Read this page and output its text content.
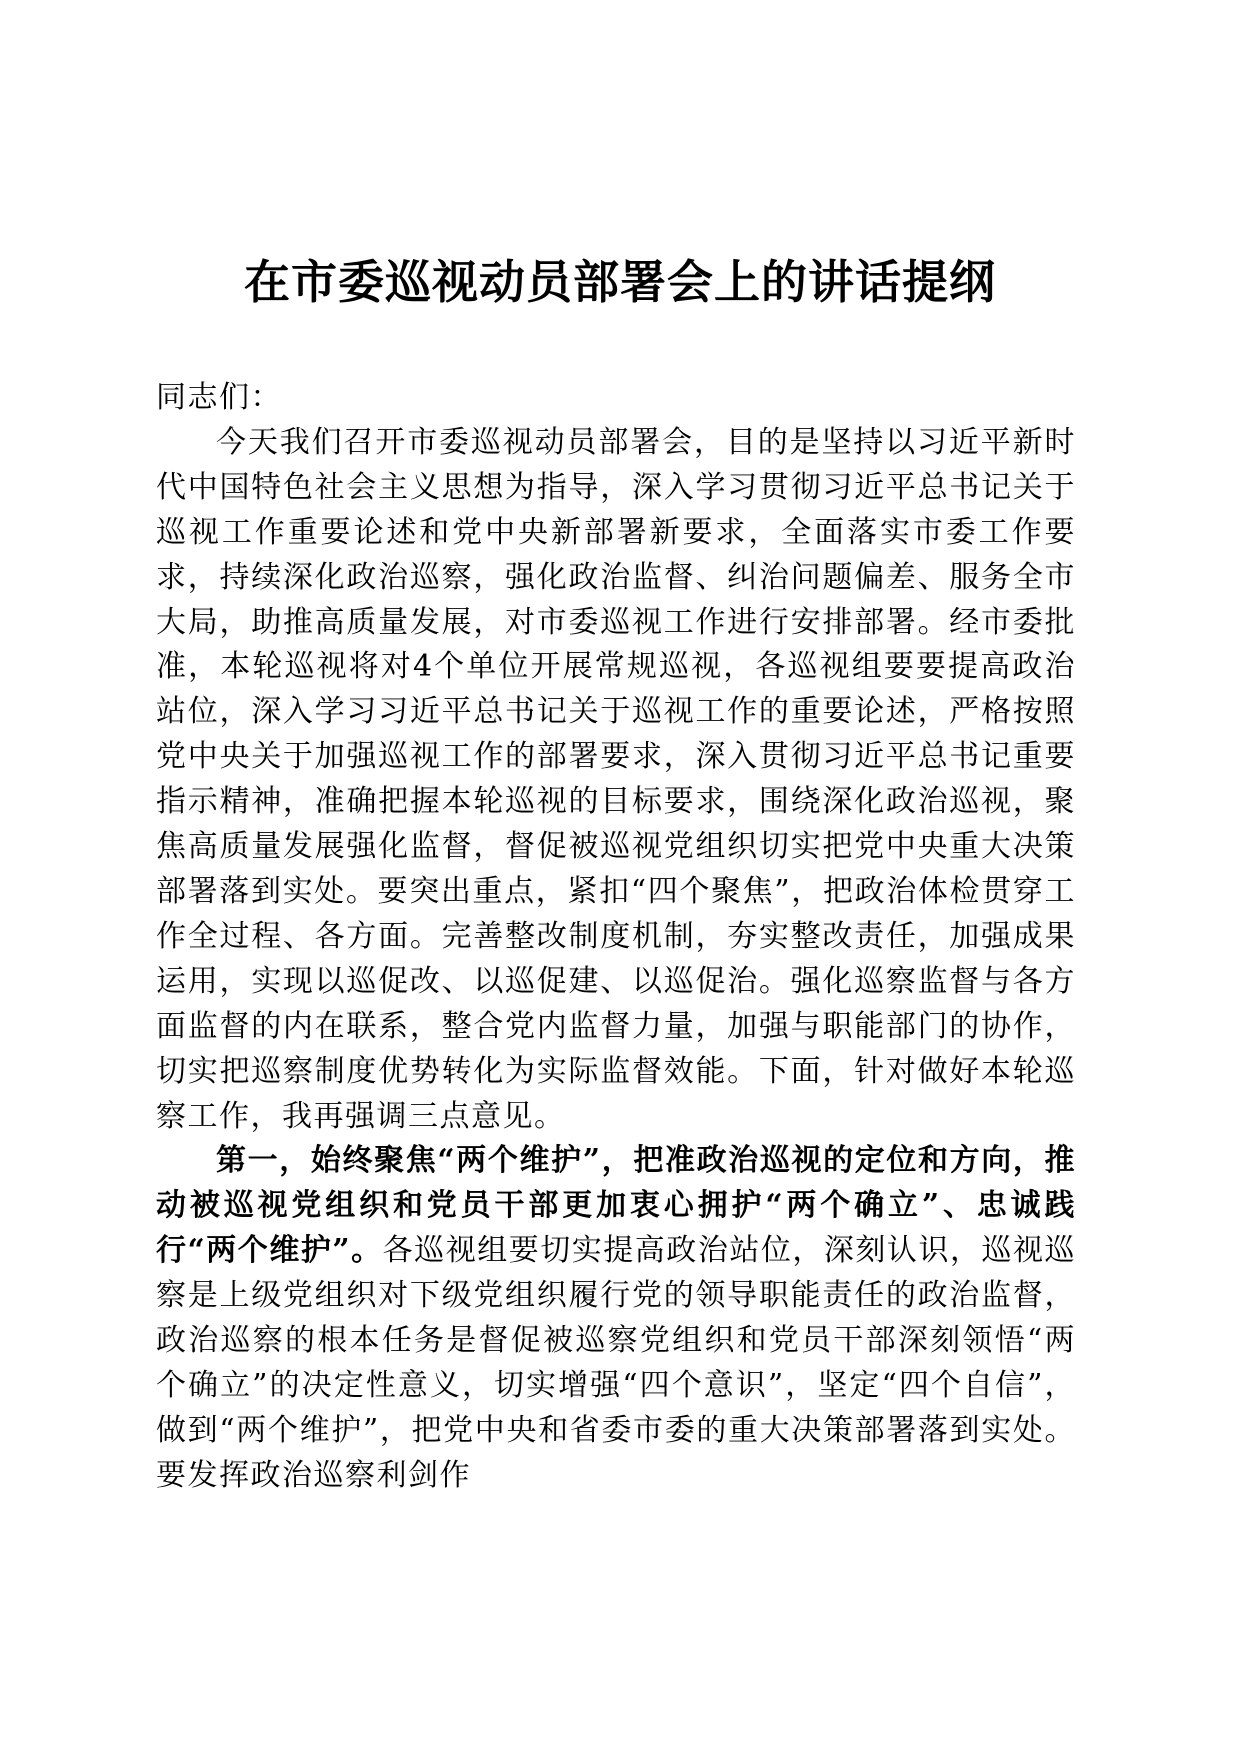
在市委巡视动员部署会上的讲话提纲

同志们：

今天我们召开市委巡视动员部署会，目的是坚持以习近平新时代中国特色社会主义思想为指导，深入学习贯彻习近平总书记关于巡视工作重要论述和党中央新部署新要求，全面落实市委工作要求，持续深化政治巡察，强化政治监督、纠治问题偏差、服务全市大局，助推高质量发展，对市委巡视工作进行安排部署。经市委批准，本轮巡视将对4个单位开展常规巡视，各巡视组要要提高政治站位，深入学习习近平总书记关于巡视工作的重要论述，严格按照党中央关于加强巡视工作的部署要求，深入贯彻习近平总书记重要指示精神，准确把握本轮巡视的目标要求，围绕深化政治巡视，聚焦高质量发展强化监督，督促被巡视党组织切实把党中央重大决策部署落到实处。要突出重点，紧扣“四个聚焦”，把政治体检贯穿工作全过程、各方面。完善整改制度机制，夯实整改责任，加强成果运用，实现以巡促改、以巡促建、以巡促治。强化巡察监督与各方面监督的内在联系，整合党内监督力量，加强与职能部门的协作，切实把巡察制度优势转化为实际监督效能。下面，针对做好本轮巡察工作，我再强调三点意见。

第一，始终聚焦“两个维护”，把准政治巡视的定位和方向，推动被巡视党组织和党员干部更加衷心拥护“两个确立”、忠诚践行“两个维护”。各巡视组要切实提高政治站位，深刻认识，巡视巡察是上级党组织对下级党组织履行党的领导职能责任的政治监督，政治巡察的根本任务是督促被巡察党组织和党员干部深刻领悟“两个确立”的决定性意义，切实增强“四个意识”，坚定“四个自信”，做到“两个维护”，把党中央和省委市委的重大决策部署落到实处。要发挥政治巡察利剑作
